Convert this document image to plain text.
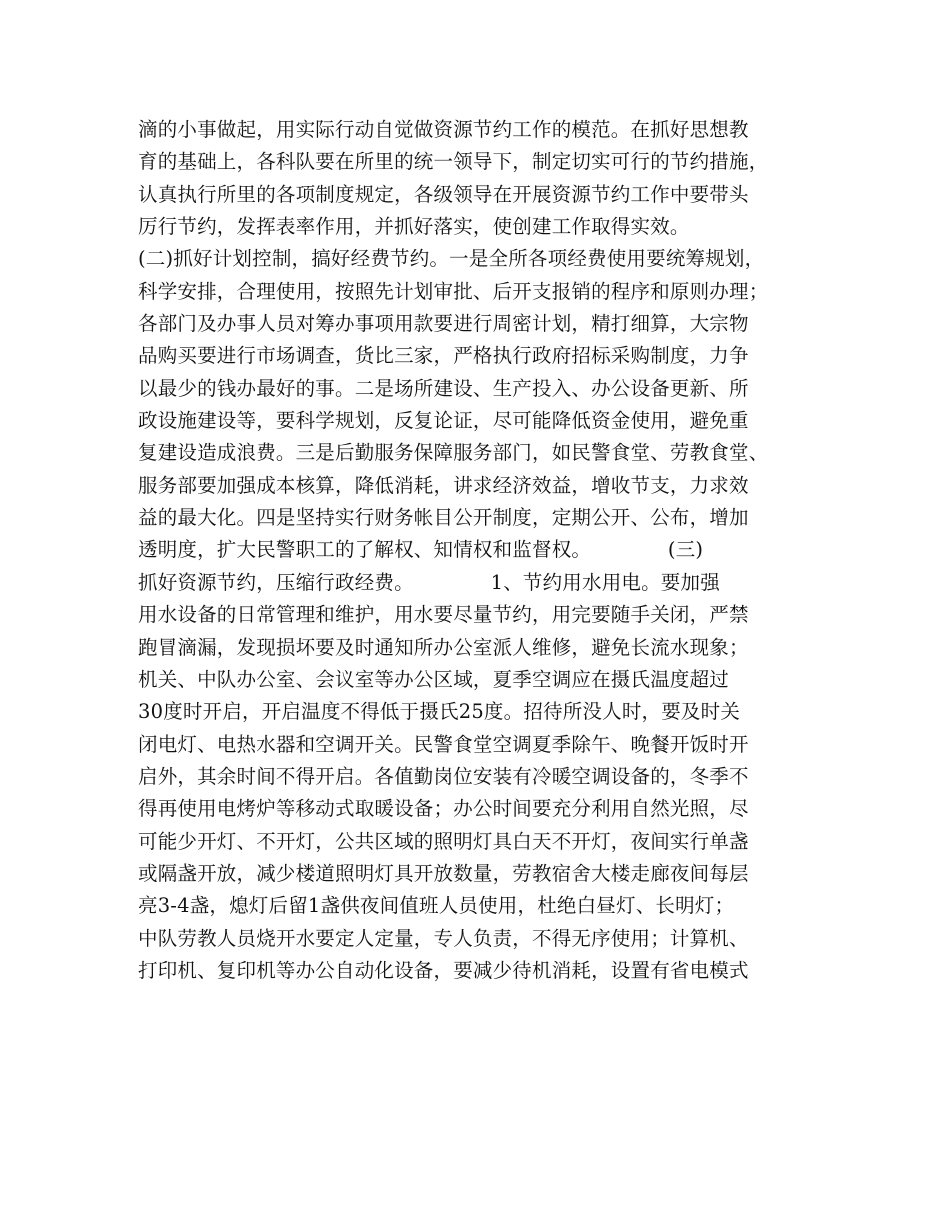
滴的小事做起，用实际行动自觉做资源节约工作的模范。在抓好思想教
育的基础上，各科队要在所里的统一领导下，制定切实可行的节约措施，
认真执行所里的各项制度规定，各级领导在开展资源节约工作中要带头
厉行节约，发挥表率作用，并抓好落实，使创建工作取得实效。
(二)抓好计划控制，搞好经费节约。一是全所各项经费使用要统筹规划，
科学安排，合理使用，按照先计划审批、后开支报销的程序和原则办理；
各部门及办事人员对筹办事项用款要进行周密计划，精打细算，大宗物
品购买要进行市场调查，货比三家，严格执行政府招标采购制度，力争
以最少的钱办最好的事。二是场所建设、生产投入、办公设备更新、所
政设施建设等，要科学规划，反复论证，尽可能降低资金使用，避免重
复建设造成浪费。三是后勤服务保障服务部门，如民警食堂、劳教食堂、
服务部要加强成本核算，降低消耗，讲求经济效益，增收节支，力求效
益的最大化。四是坚持实行财务帐目公开制度，定期公开、公布，增加
透明度，扩大民警职工的了解权、知情权和监督权。            (三)
抓好资源节约，压缩行政经费。            1、节约用水用电。要加强
用水设备的日常管理和维护，用水要尽量节约，用完要随手关闭，严禁
跑冒滴漏，发现损坏要及时通知所办公室派人维修，避免长流水现象；
机关、中队办公室、会议室等办公区域，夏季空调应在摄氏温度超过
30度时开启，开启温度不得低于摄氏25度。招待所没人时，要及时关
闭电灯、电热水器和空调开关。民警食堂空调夏季除午、晚餐开饭时开
启外，其余时间不得开启。各值勤岗位安装有冷暖空调设备的，冬季不
得再使用电烤炉等移动式取暖设备；办公时间要充分利用自然光照，尽
可能少开灯、不开灯，公共区域的照明灯具白天不开灯，夜间实行单盏
或隔盏开放，减少楼道照明灯具开放数量，劳教宿舍大楼走廊夜间每层
亮3-4盏，熄灯后留1盏供夜间值班人员使用，杜绝白昼灯、长明灯；
中队劳教人员烧开水要定人定量，专人负责，不得无序使用；计算机、
打印机、复印机等办公自动化设备，要减少待机消耗，设置有省电模式
